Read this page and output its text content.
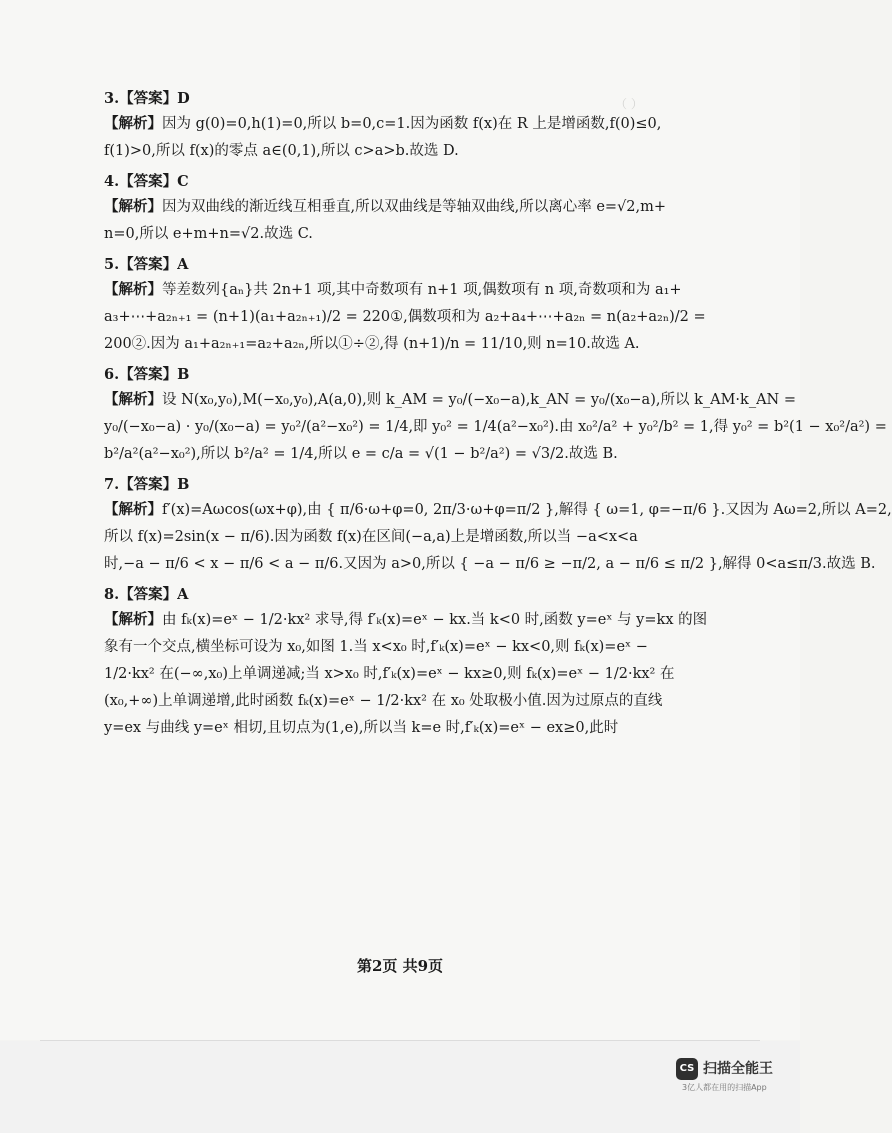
（ ）
3.【答案】D
【解析】因为 g(0)=0,h(1)=0,所以 b=0,c=1.因为函数 f(x)在 R 上是增函数,f(0)≤0,
f(1)>0,所以 f(x)的零点 a∈(0,1),所以 c>a>b.故选 D.
4.【答案】C
【解析】因为双曲线的渐近线互相垂直,所以双曲线是等轴双曲线,所以离心率 e=√2,m+
n=0,所以 e+m+n=√2.故选 C.
5.【答案】A
【解析】等差数列{aₙ}共 2n+1 项,其中奇数项有 n+1 项,偶数项有 n 项,奇数项和为 a₁+
a₃+⋯+a₂ₙ₊₁ = (n+1)(a₁+a₂ₙ₊₁)/2 = 220①,偶数项和为 a₂+a₄+⋯+a₂ₙ = n(a₂+a₂ₙ)/2 =
200②.因为 a₁+a₂ₙ₊₁=a₂+a₂ₙ,所以①÷②,得 (n+1)/n = 11/10,则 n=10.故选 A.
6.【答案】B
【解析】设 N(x₀,y₀),M(−x₀,y₀),A(a,0),则 k_AM = y₀/(−x₀−a),k_AN = y₀/(x₀−a),所以 k_AM·k_AN =
y₀/(−x₀−a) · y₀/(x₀−a) = y₀²/(a²−x₀²) = 1/4,即 y₀² = 1/4(a²−x₀²).由 x₀²/a² + y₀²/b² = 1,得 y₀² = b²(1 − x₀²/a²) =
b²/a²(a²−x₀²),所以 b²/a² = 1/4,所以 e = c/a = √(1 − b²/a²) = √3/2.故选 B.
7.【答案】B
【解析】f′(x)=Aωcos(ωx+φ),由 { π/6·ω+φ=0, 2π/3·ω+φ=π/2 },解得 { ω=1, φ=−π/6 }.又因为 Aω=2,所以 A=2,
所以 f(x)=2sin(x − π/6).因为函数 f(x)在区间(−a,a)上是增函数,所以当 −a<x<a
时,−a − π/6 < x − π/6 < a − π/6.又因为 a>0,所以 { −a − π/6 ≥ −π/2, a − π/6 ≤ π/2 },解得 0<a≤π/3.故选 B.
8.【答案】A
【解析】由 fₖ(x)=eˣ − 1/2·kx² 求导,得 f′ₖ(x)=eˣ − kx.当 k<0 时,函数 y=eˣ 与 y=kx 的图
象有一个交点,横坐标可设为 x₀,如图 1.当 x<x₀ 时,f′ₖ(x)=eˣ − kx<0,则 fₖ(x)=eˣ −
1/2·kx² 在(−∞,x₀)上单调递减;当 x>x₀ 时,f′ₖ(x)=eˣ − kx≥0,则 fₖ(x)=eˣ − 1/2·kx² 在
(x₀,+∞)上单调递增,此时函数 fₖ(x)=eˣ − 1/2·kx² 在 x₀ 处取极小值.因为过原点的直线
y=ex 与曲线 y=eˣ 相切,且切点为(1,e),所以当 k=e 时,f′ₖ(x)=eˣ − ex≥0,此时
第2页 共9页
CS 扫描全能王
3亿人都在用的扫描App
